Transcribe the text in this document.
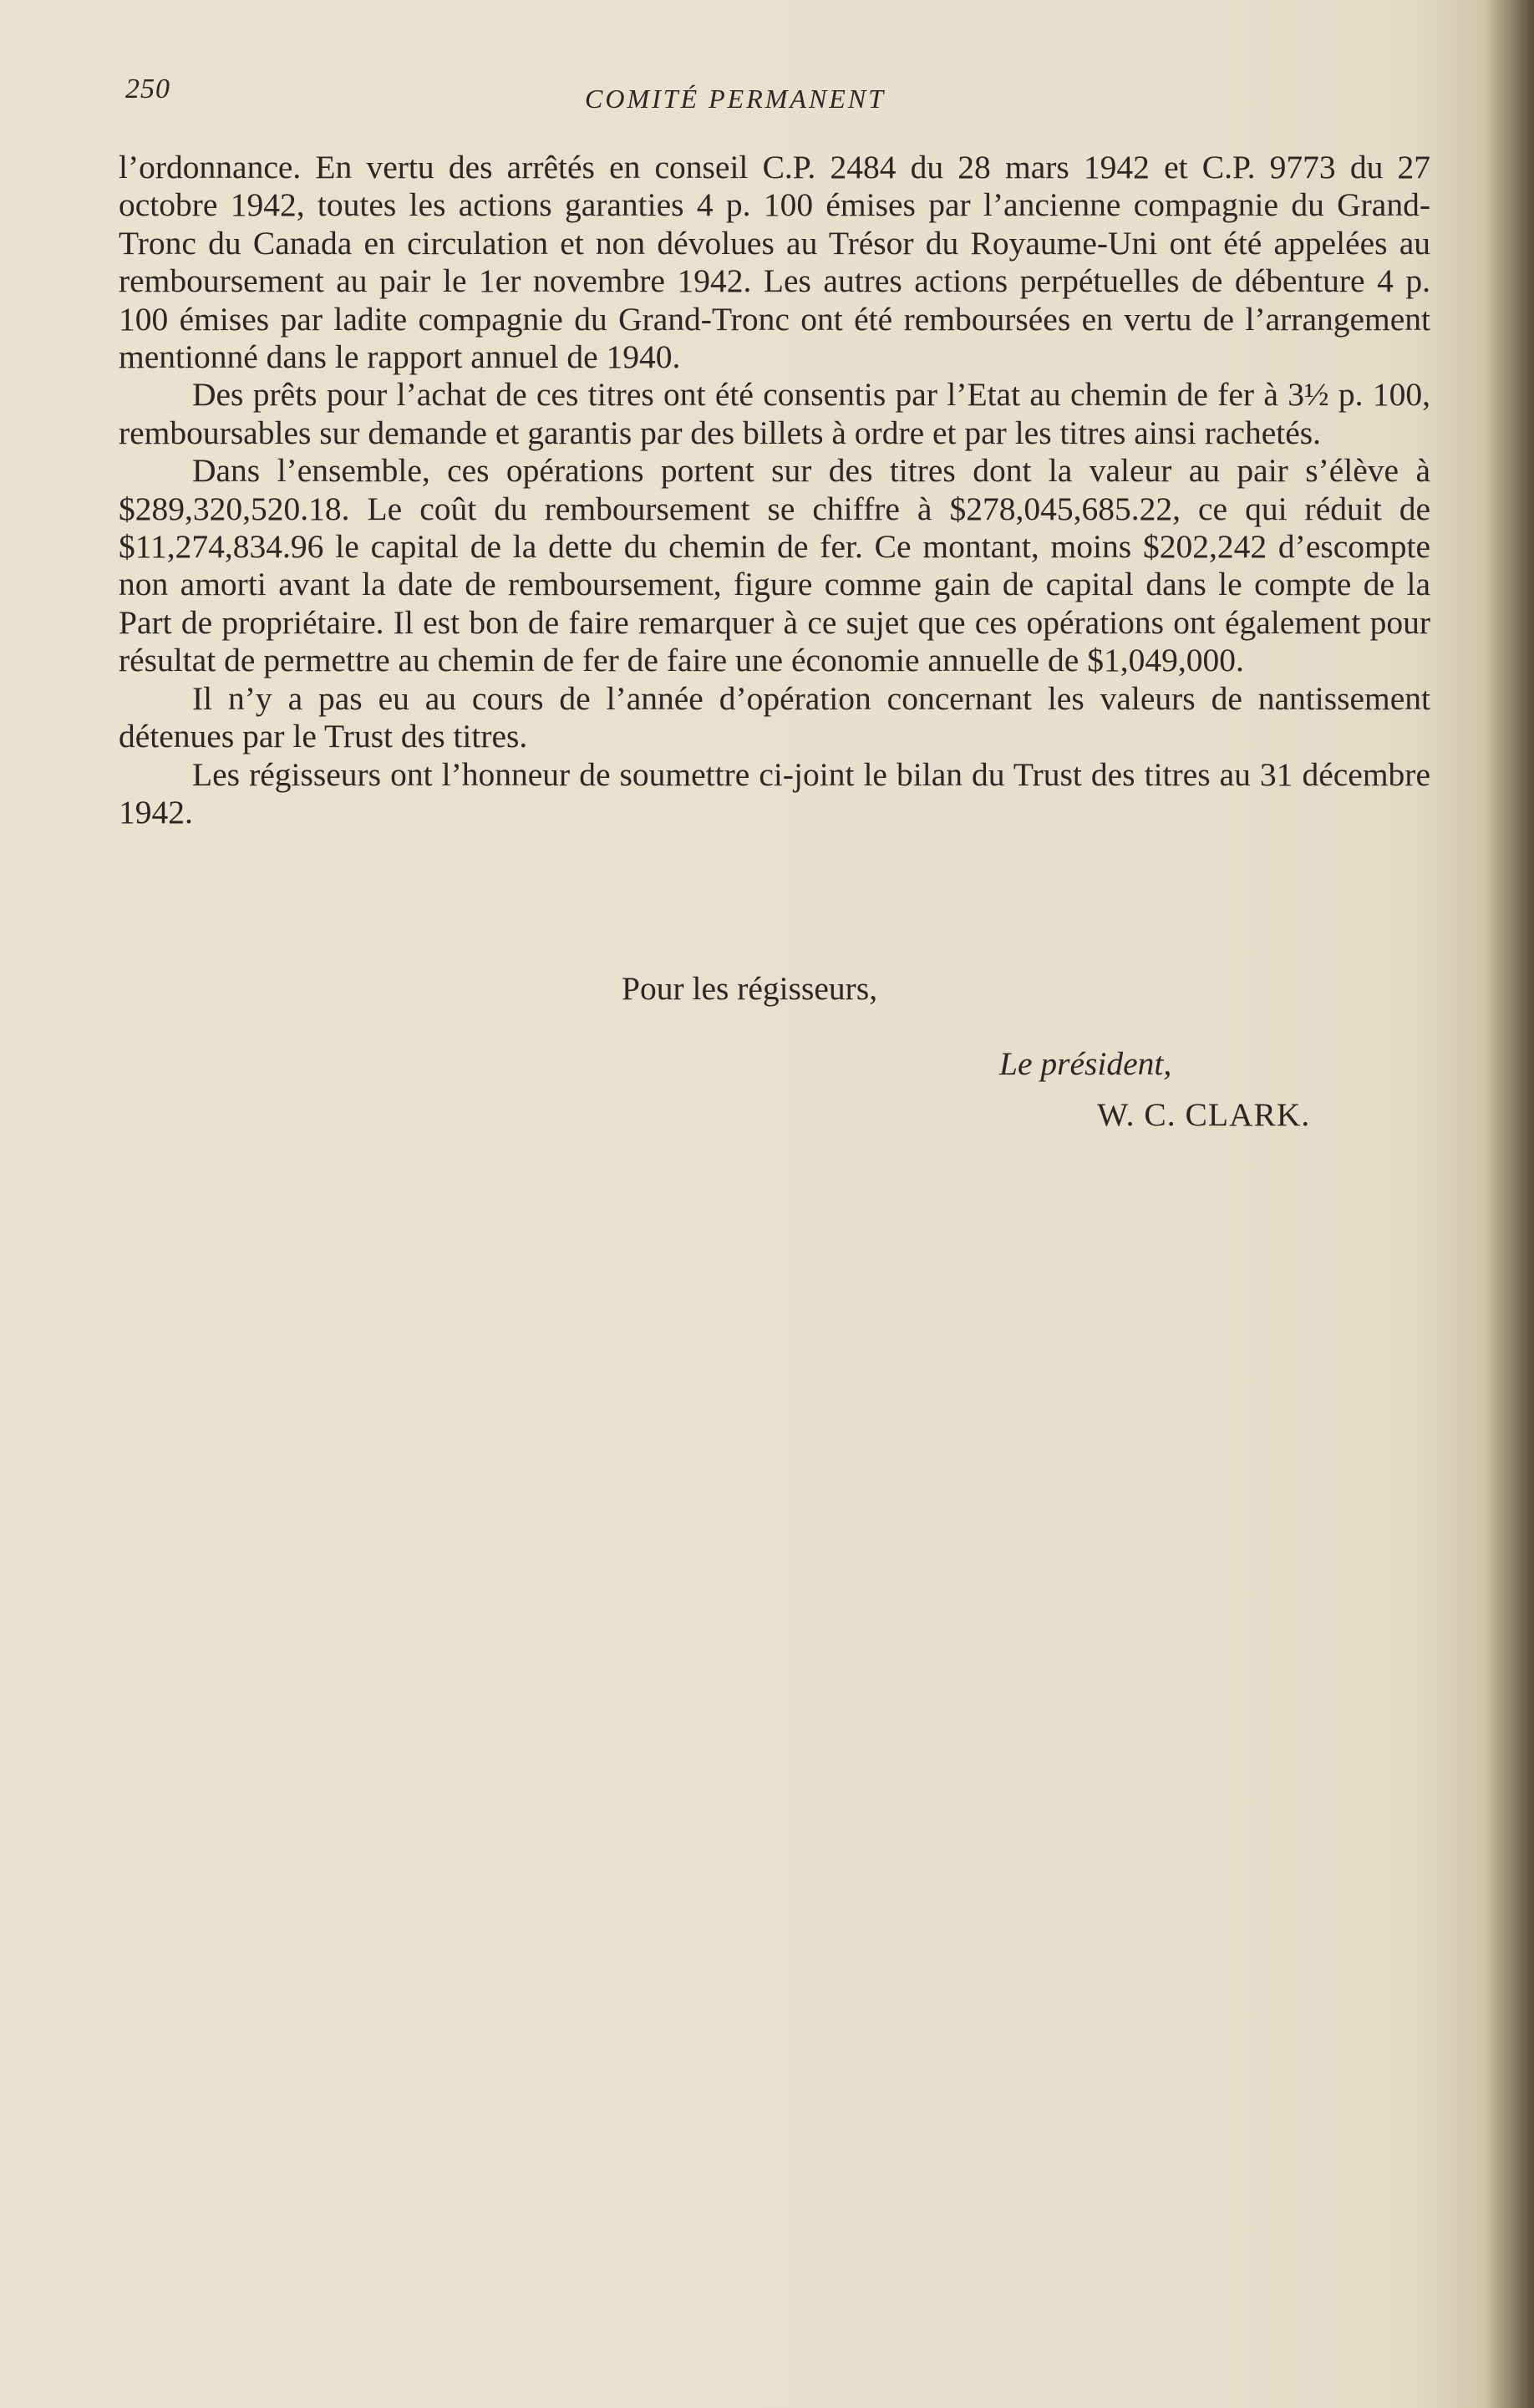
250	COMITÉ PERMANENT

l’ordonnance. En vertu des arrêtés en conseil C.P. 2484 du 28 mars 1942 et C.P. 9773 du 27 octobre 1942, toutes les actions garanties 4 p. 100 émises par l’ancienne compagnie du Grand-Tronc du Canada en circulation et non dévolues au Trésor du Royaume-Uni ont été appelées au remboursement au pair le 1er novembre 1942. Les autres actions perpétuelles de débenture 4 p. 100 émises par ladite compagnie du Grand-Tronc ont été remboursées en vertu de l’arrangement mentionné dans le rapport annuel de 1940.

Des prêts pour l’achat de ces titres ont été consentis par l’Etat au chemin de fer à 3½ p. 100, remboursables sur demande et garantis par des billets à ordre et par les titres ainsi rachetés.

Dans l’ensemble, ces opérations portent sur des titres dont la valeur au pair s’élève à $289,320,520.18. Le coût du remboursement se chiffre à $278,045,685.22, ce qui réduit de $11,274,834.96 le capital de la dette du chemin de fer. Ce montant, moins $202,242 d’escompte non amorti avant la date de remboursement, figure comme gain de capital dans le compte de la Part de propriétaire. Il est bon de faire remarquer à ce sujet que ces opérations ont également pour résultat de permettre au chemin de fer de faire une économie annuelle de $1,049,000.

Il n’y a pas eu au cours de l’année d’opération concernant les valeurs de nantissement détenues par le Trust des titres.

Les régisseurs ont l’honneur de soumettre ci-joint le bilan du Trust des titres au 31 décembre 1942.

Pour les régisseurs,
Le président,
W. C. CLARK.
